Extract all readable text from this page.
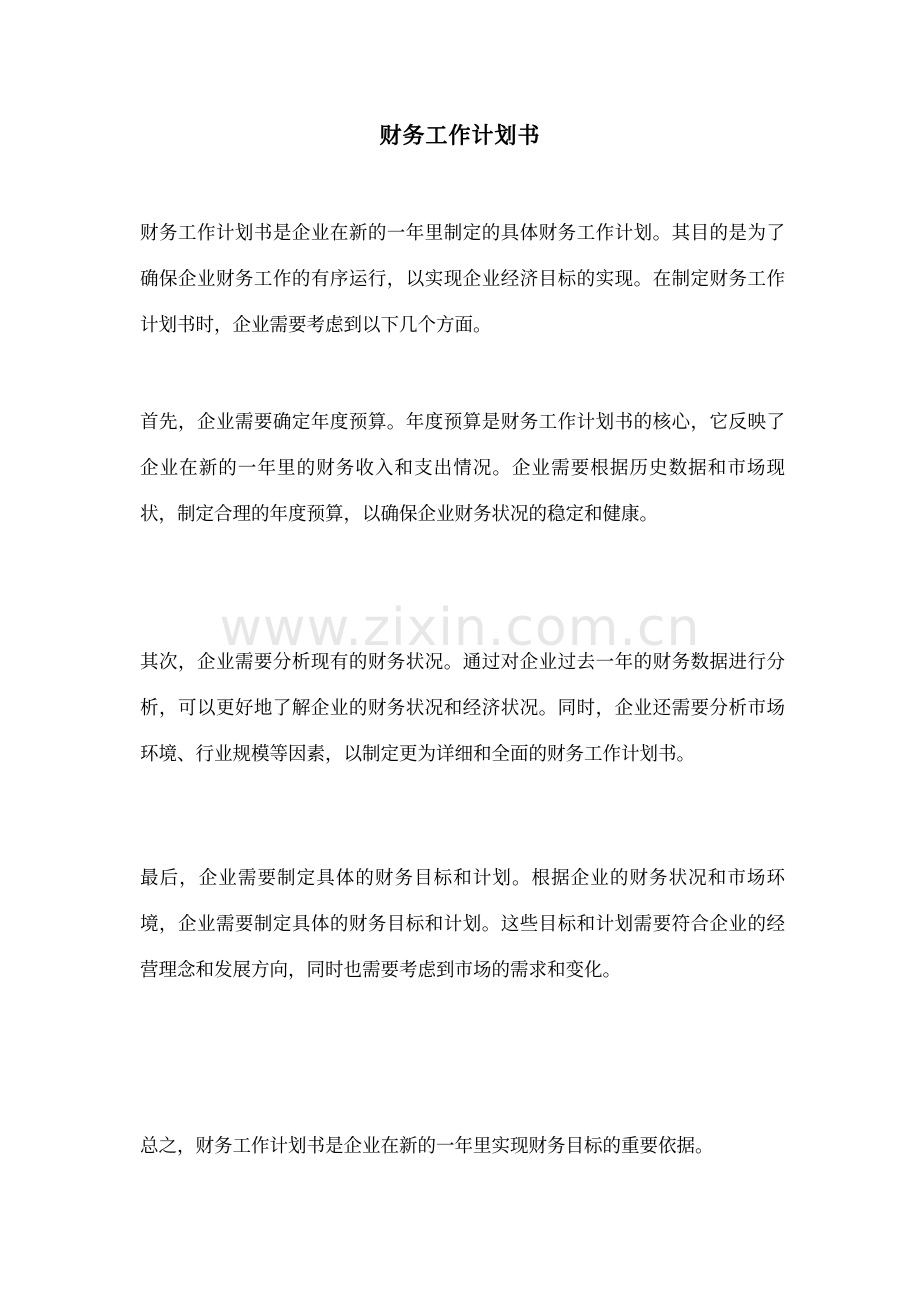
财务工作计划书

财务工作计划书是企业在新的一年里制定的具体财务工作计划。其目的是为了确保企业财务工作的有序运行，以实现企业经济目标的实现。在制定财务工作计划书时，企业需要考虑到以下几个方面。

首先，企业需要确定年度预算。年度预算是财务工作计划书的核心，它反映了企业在新的一年里的财务收入和支出情况。企业需要根据历史数据和市场现状，制定合理的年度预算，以确保企业财务状况的稳定和健康。

其次，企业需要分析现有的财务状况。通过对企业过去一年的财务数据进行分析，可以更好地了解企业的财务状况和经济状况。同时，企业还需要分析市场环境、行业规模等因素，以制定更为详细和全面的财务工作计划书。

最后，企业需要制定具体的财务目标和计划。根据企业的财务状况和市场环境，企业需要制定具体的财务目标和计划。这些目标和计划需要符合企业的经营理念和发展方向，同时也需要考虑到市场的需求和变化。

总之，财务工作计划书是企业在新的一年里实现财务目标的重要依据。

www.zixin.com.cn
